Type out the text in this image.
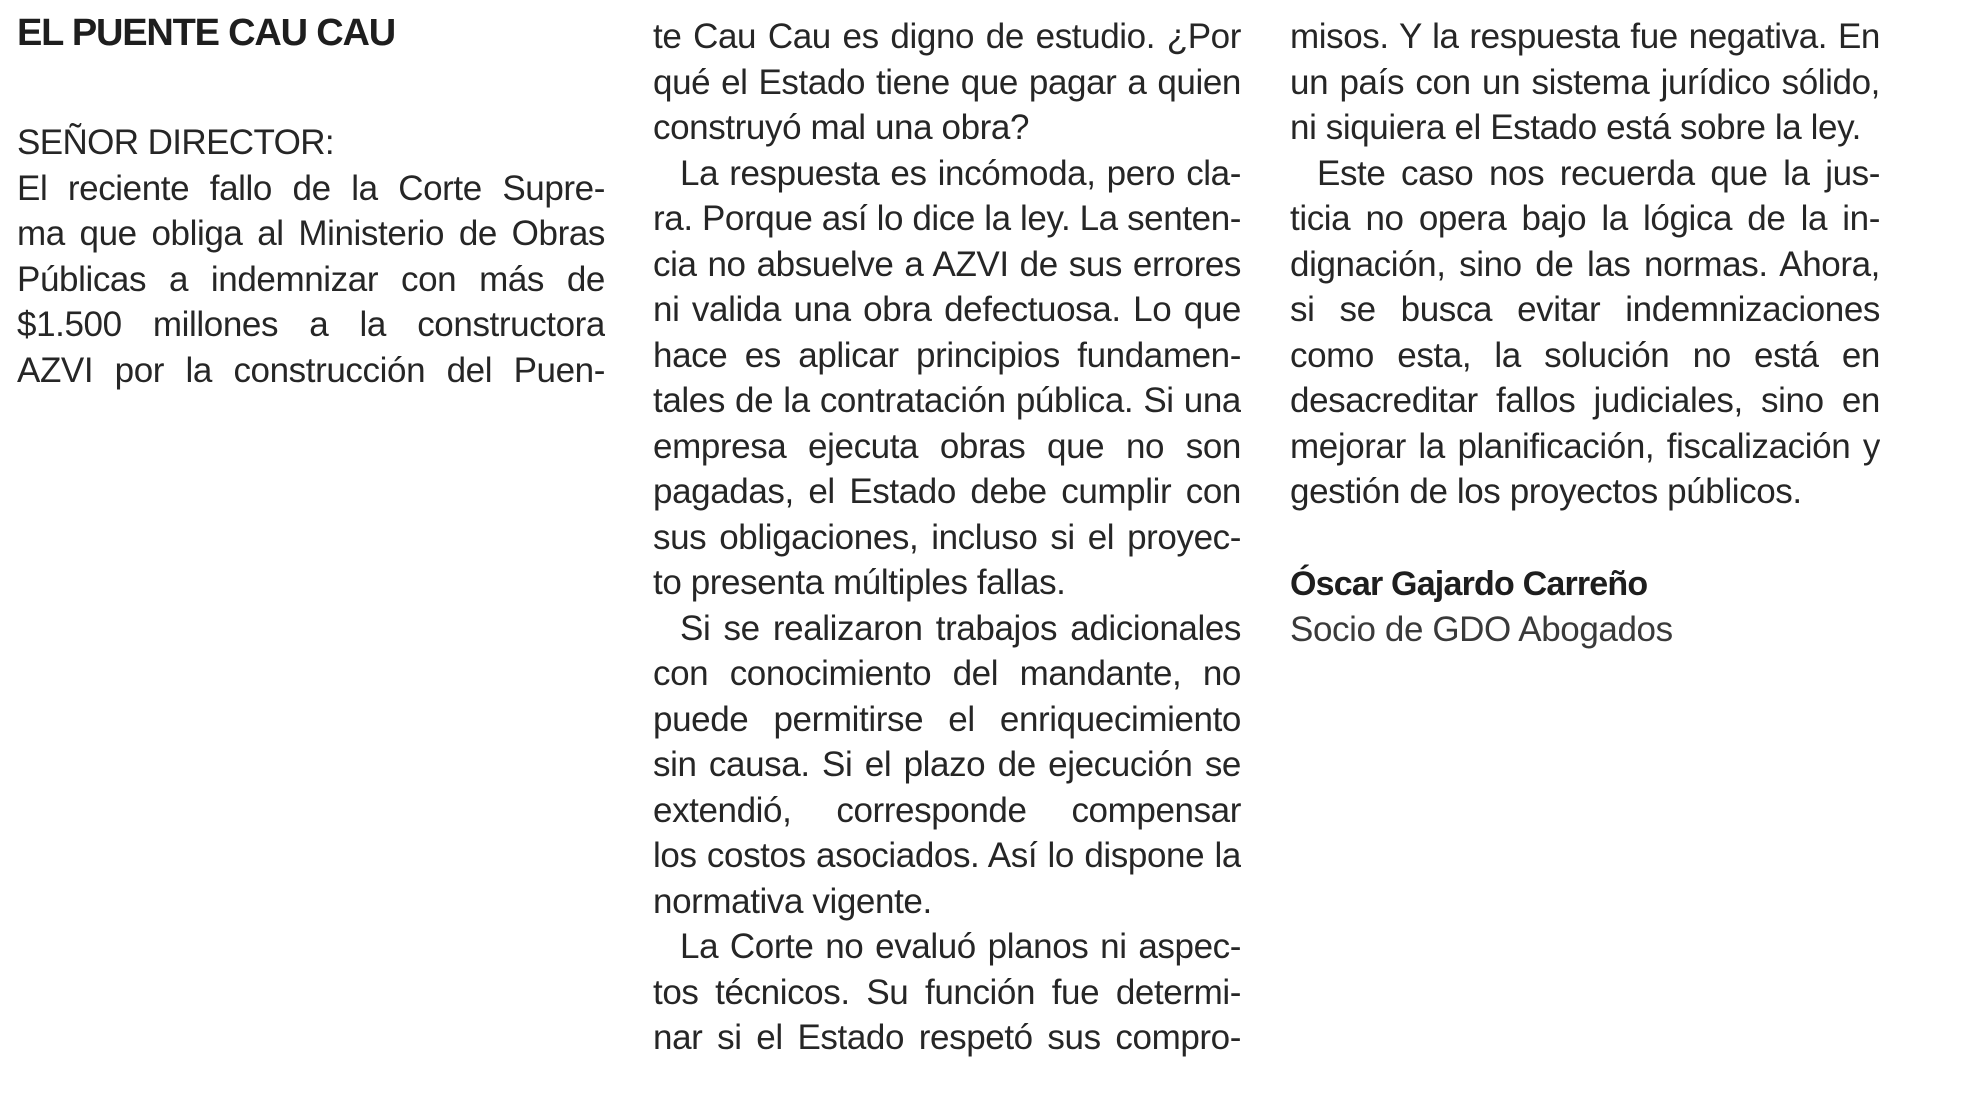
EL PUENTE CAU CAU
SEÑOR DIRECTOR:
El reciente fallo de la Corte Supre-
ma que obliga al Ministerio de Obras
Públicas a indemnizar con más de
$1.500 millones a la constructora
AZVI por la construcción del Puen-
te Cau Cau es digno de estudio. ¿Por
qué el Estado tiene que pagar a quien
construyó mal una obra?
La respuesta es incómoda, pero cla-
ra. Porque así lo dice la ley. La senten-
cia no absuelve a AZVI de sus errores
ni valida una obra defectuosa. Lo que
hace es aplicar principios fundamen-
tales de la contratación pública. Si una
empresa ejecuta obras que no son
pagadas, el Estado debe cumplir con
sus obligaciones, incluso si el proyec-
to presenta múltiples fallas.
Si se realizaron trabajos adicionales
con conocimiento del mandante, no
puede permitirse el enriquecimiento
sin causa. Si el plazo de ejecución se
extendió, corresponde compensar
los costos asociados. Así lo dispone la
normativa vigente.
La Corte no evaluó planos ni aspec-
tos técnicos. Su función fue determi-
nar si el Estado respetó sus compro-
misos. Y la respuesta fue negativa. En
un país con un sistema jurídico sólido,
ni siquiera el Estado está sobre la ley.
Este caso nos recuerda que la jus-
ticia no opera bajo la lógica de la in-
dignación, sino de las normas. Ahora,
si se busca evitar indemnizaciones
como esta, la solución no está en
desacreditar fallos judiciales, sino en
mejorar la planificación, fiscalización y
gestión de los proyectos públicos.
Óscar Gajardo Carreño
Socio de GDO Abogados
